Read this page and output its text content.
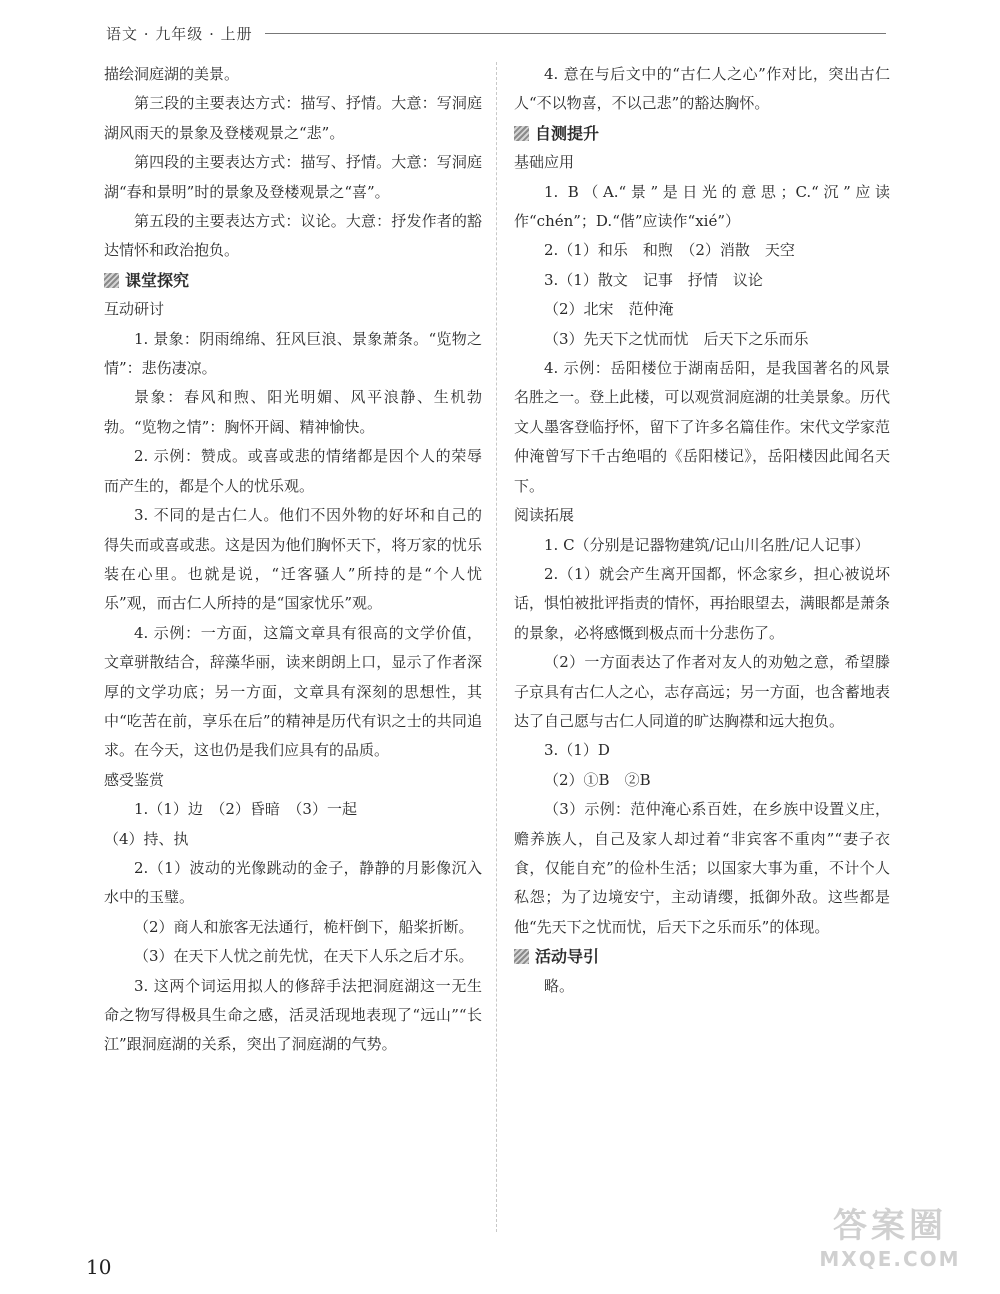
语文 · 九年级 · 上册

描绘洞庭湖的美景。

第三段的主要表达方式：描写、抒情。大意：写洞庭湖风雨天的景象及登楼观景之“悲”。

第四段的主要表达方式：描写、抒情。大意：写洞庭湖“春和景明”时的景象及登楼观景之“喜”。

第五段的主要表达方式：议论。大意：抒发作者的豁达情怀和政治抱负。

课堂探究
互动研讨

1. 景象：阴雨绵绵、狂风巨浪、景象萧条。“览物之情”：悲伤凄凉。

景象：春风和煦、阳光明媚、风平浪静、生机勃勃。“览物之情”：胸怀开阔、精神愉快。

2. 示例：赞成。或喜或悲的情绪都是因个人的荣辱而产生的，都是个人的忧乐观。

3. 不同的是古仁人。他们不因外物的好坏和自己的得失而或喜或悲。这是因为他们胸怀天下，将万家的忧乐装在心里。也就是说，“迁客骚人”所持的是“个人忧乐”观，而古仁人所持的是“国家忧乐”观。

4. 示例：一方面，这篇文章具有很高的文学价值，文章骈散结合，辞藻华丽，读来朗朗上口，显示了作者深厚的文学功底；另一方面，文章具有深刻的思想性，其中“吃苦在前，享乐在后”的精神是历代有识之士的共同追求。在今天，这也仍是我们应具有的品质。

感受鉴赏

1.（1）边　（2）昏暗　（3）一起

（4）持、执

2.（1）波动的光像跳动的金子，静静的月影像沉入水中的玉璧。

（2）商人和旅客无法通行，桅杆倒下，船桨折断。

（3）在天下人忧之前先忧，在天下人乐之后才乐。

3. 这两个词运用拟人的修辞手法把洞庭湖这一无生命之物写得极具生命之感，活灵活现地表现了“远山”“长江”跟洞庭湖的关系，突出了洞庭湖的气势。

4. 意在与后文中的“古仁人之心”作对比，突出古仁人“不以物喜，不以己悲”的豁达胸怀。

自测提升
基础应用

1. B（A.“景”是日光的意思；C.“沉”应读作“chén”；D.“偕”应读作“xié”）

2.（1）和乐　和煦　（2）消散　天空

3.（1）散文　记事　抒情　议论

（2）北宋　范仲淹

（3）先天下之忧而忧　后天下之乐而乐

4. 示例：岳阳楼位于湖南岳阳，是我国著名的风景名胜之一。登上此楼，可以观赏洞庭湖的壮美景象。历代文人墨客登临抒怀，留下了许多名篇佳作。宋代文学家范仲淹曾写下千古绝唱的《岳阳楼记》，岳阳楼因此闻名天下。

阅读拓展

1. C（分别是记器物建筑/记山川名胜/记人记事）

2.（1）就会产生离开国都，怀念家乡，担心被说坏话，惧怕被批评指责的情怀，再抬眼望去，满眼都是萧条的景象，必将感慨到极点而十分悲伤了。

（2）一方面表达了作者对友人的劝勉之意，希望滕子京具有古仁人之心，志存高远；另一方面，也含蓄地表达了自己愿与古仁人同道的旷达胸襟和远大抱负。

3.（1）D

（2）①B　②B

（3）示例：范仲淹心系百姓，在乡族中设置义庄，赡养族人，自己及家人却过着“非宾客不重肉”“妻子衣食，仅能自充”的俭朴生活；以国家大事为重，不计个人私怨；为了边境安宁，主动请缨，抵御外敌。这些都是他“先天下之忧而忧，后天下之乐而乐”的体现。

活动导引

略。

10
答案圈
MXQE.COM
